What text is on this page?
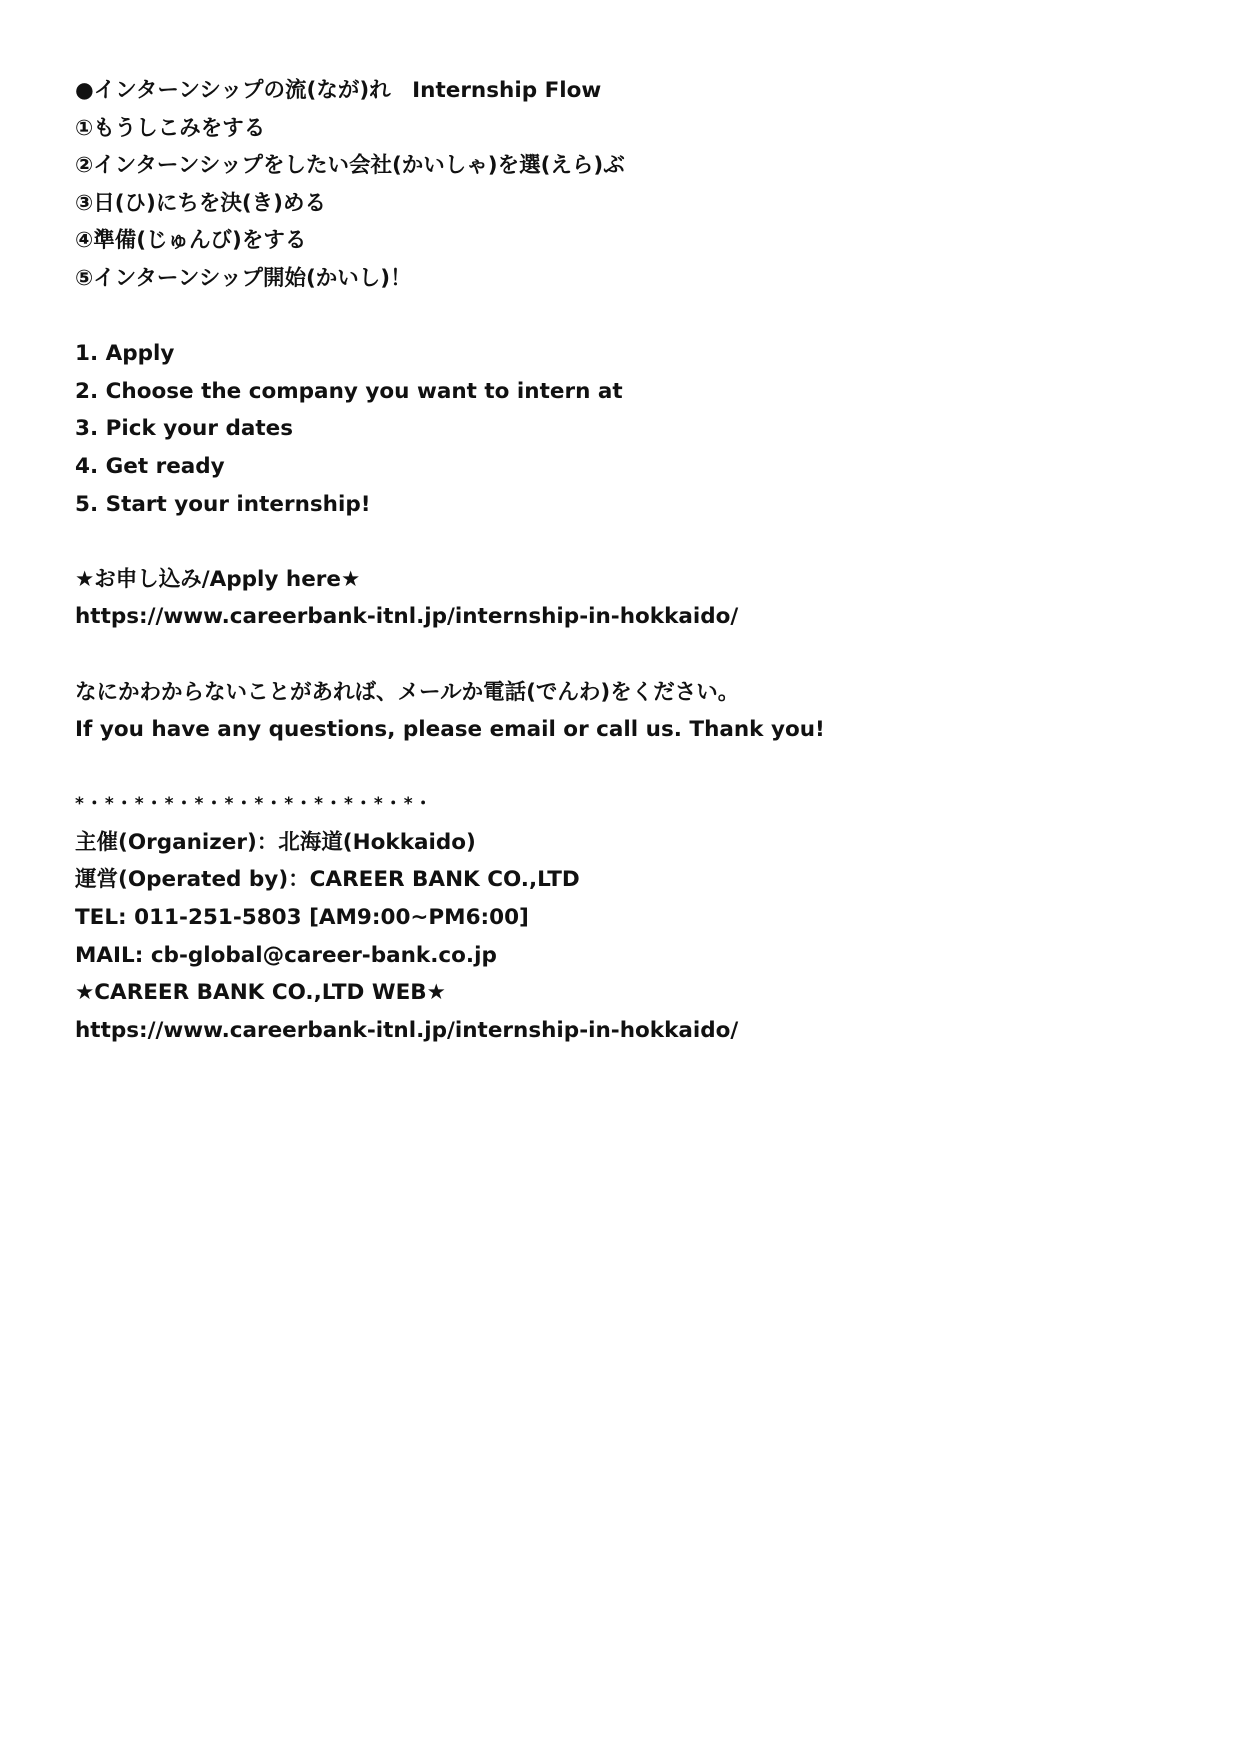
●インターンシップの流(なが)れ　Internship Flow
①もうしこみをする
②インターンシップをしたい会社(かいしゃ)を選(えら)ぶ
③日(ひ)にちを決(き)める
④準備(じゅんび)をする
⑤インターンシップ開始(かいし)！
1. Apply
2. Choose the company you want to intern at
3. Pick your dates
4. Get ready
5. Start your internship!
★お申し込み/Apply here★
https://www.careerbank-itnl.jp/internship-in-hokkaido/
なにかわからないことがあれば、メールか電話(でんわ)をください。
If you have any questions, please email or call us. Thank you!
*・*・*・*・*・*・*・*・*・*・*・*・
主催(Organizer)：北海道(Hokkaido)
運営(Operated by)：CAREER BANK CO.,LTD
TEL: 011-251-5803 [AM9:00~PM6:00]
MAIL: cb-global@career-bank.co.jp
★CAREER BANK CO.,LTD WEB★
https://www.careerbank-itnl.jp/internship-in-hokkaido/
